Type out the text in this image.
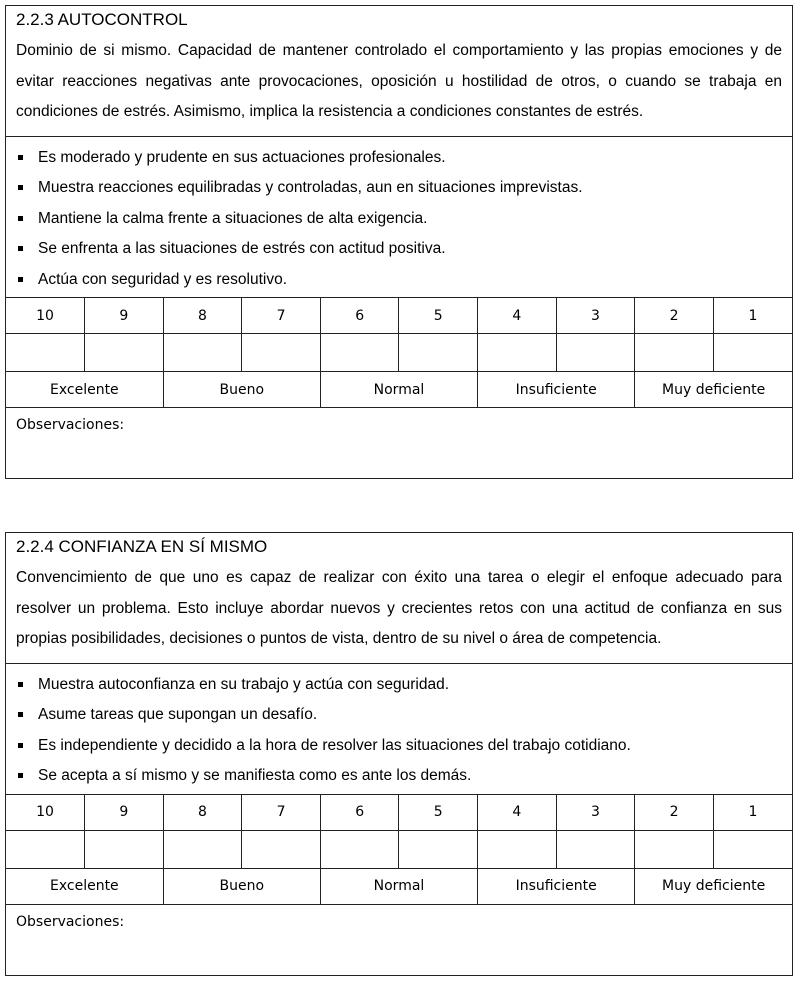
2.2.3 AUTOCONTROL
Dominio de si mismo. Capacidad de mantener controlado el comportamiento y las propias emociones y de evitar reacciones negativas ante provocaciones, oposición u hostilidad de otros, o cuando se trabaja en condiciones de estrés. Asimismo, implica la resistencia a condiciones constantes de estrés.
Es moderado y prudente en sus actuaciones profesionales.
Muestra reacciones equilibradas y controladas, aun en situaciones imprevistas.
Mantiene la calma frente a situaciones de alta exigencia.
Se enfrenta a las situaciones de estrés con actitud positiva.
Actúa con seguridad y es resolutivo.
10	9	8	7	6	5	4	3	2	1

Excelente		Bueno		Normal		Insuficiente		Muy deficiente	
Observaciones:
2.2.4 CONFIANZA EN SÍ MISMO
Convencimiento de que uno es capaz de realizar con éxito una tarea o elegir el enfoque adecuado para resolver un problema. Esto incluye abordar nuevos y crecientes retos con una actitud de confianza en sus propias posibilidades, decisiones o puntos de vista, dentro de su nivel o área de competencia.
Muestra autoconfianza en su trabajo y actúa con seguridad.
Asume tareas que supongan un desafío.
Es independiente y decidido a la hora de resolver las situaciones del trabajo cotidiano.
Se acepta a sí mismo y se manifiesta como es ante los demás.
10	9	8	7	6	5	4	3	2	1

Excelente		Bueno		Normal		Insuficiente		Muy deficiente	
Observaciones:
